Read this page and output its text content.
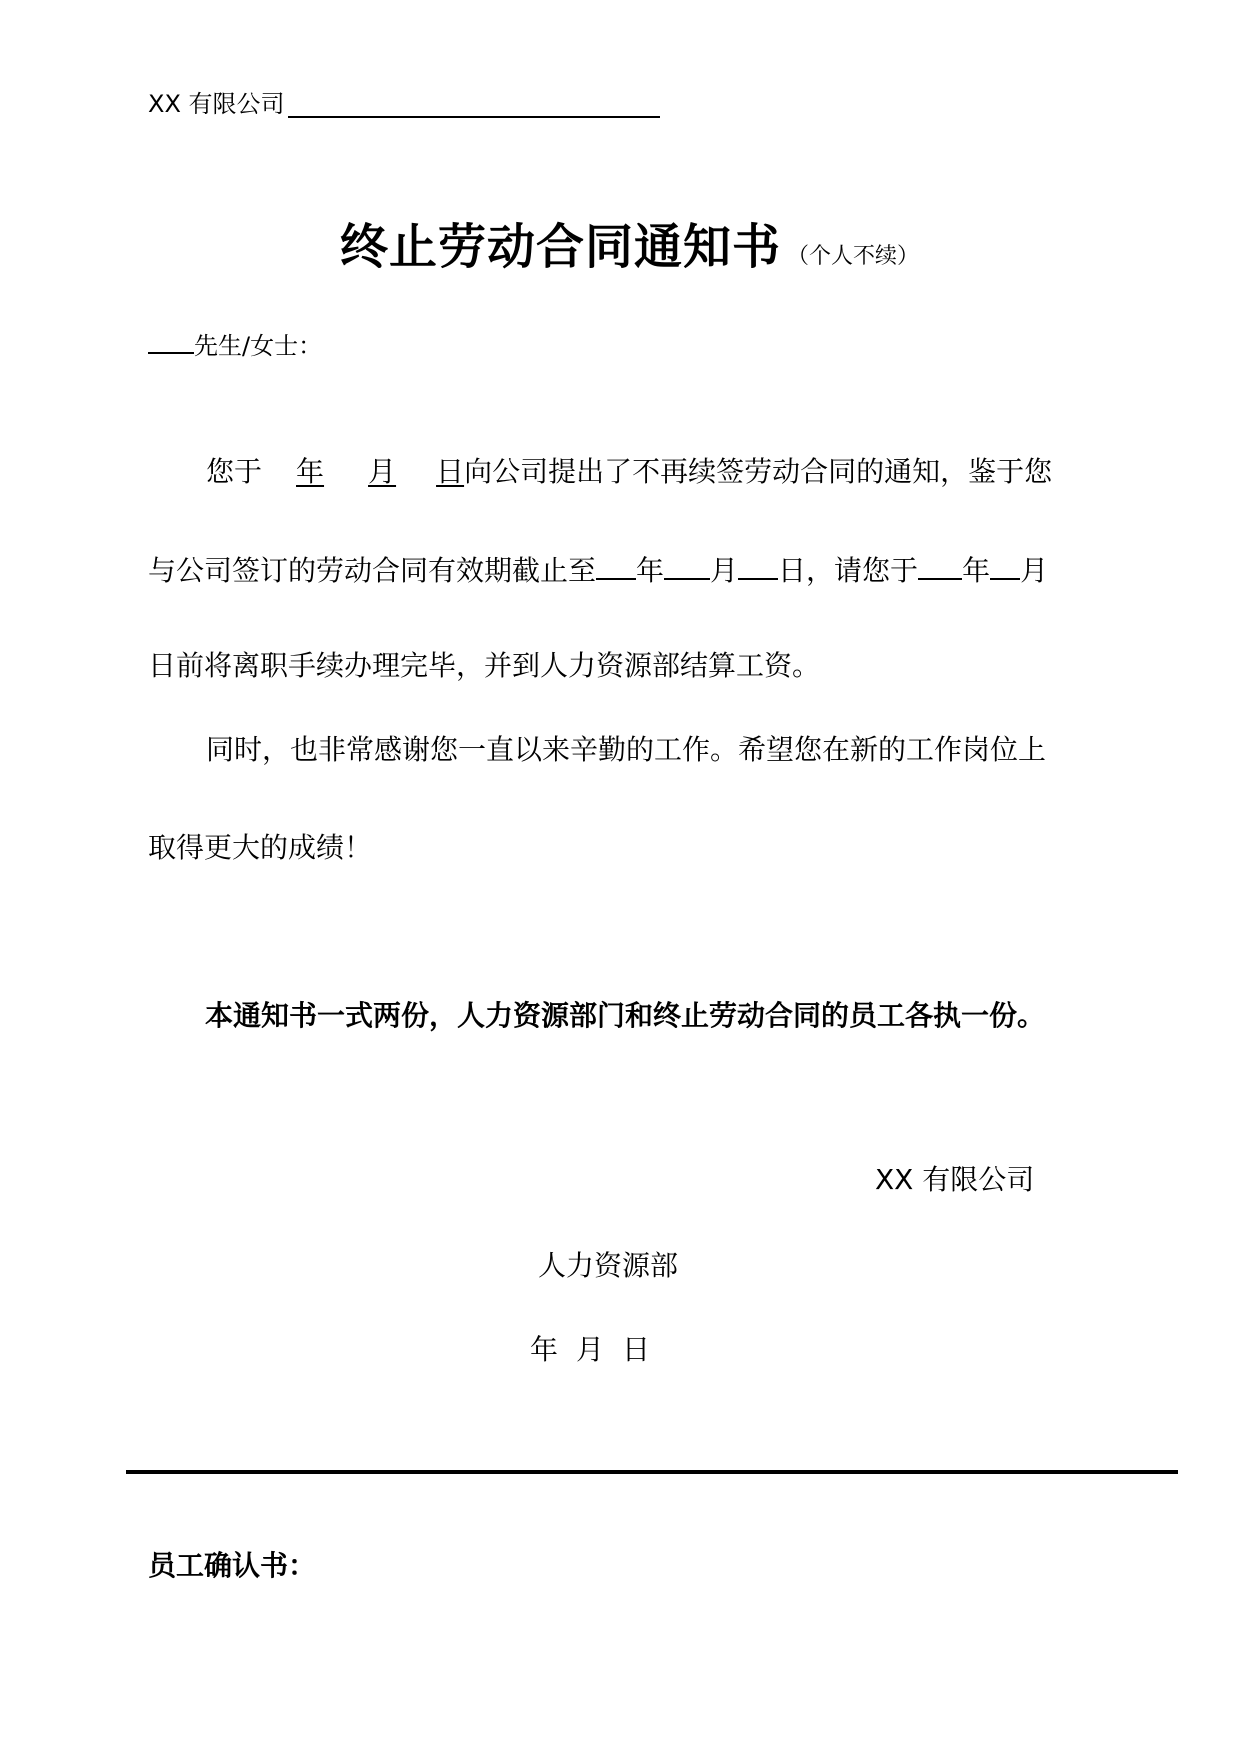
XX 有限公司
终止劳动合同通知书 （个人不续）
先生/女士：
您于 年 月 日向公司提出了不再续签劳动合同的通知，鉴于您
与公司签订的劳动合同有效期截止至 年 月 日，请您于 年 月
日前将离职手续办理完毕，并到人力资源部结算工资。
同时，也非常感谢您一直以来辛勤的工作。希望您在新的工作岗位上
取得更大的成绩！
本通知书一式两份，人力资源部门和终止劳动合同的员工各执一份。
XX 有限公司
人力资源部
年 月 日
员工确认书：
